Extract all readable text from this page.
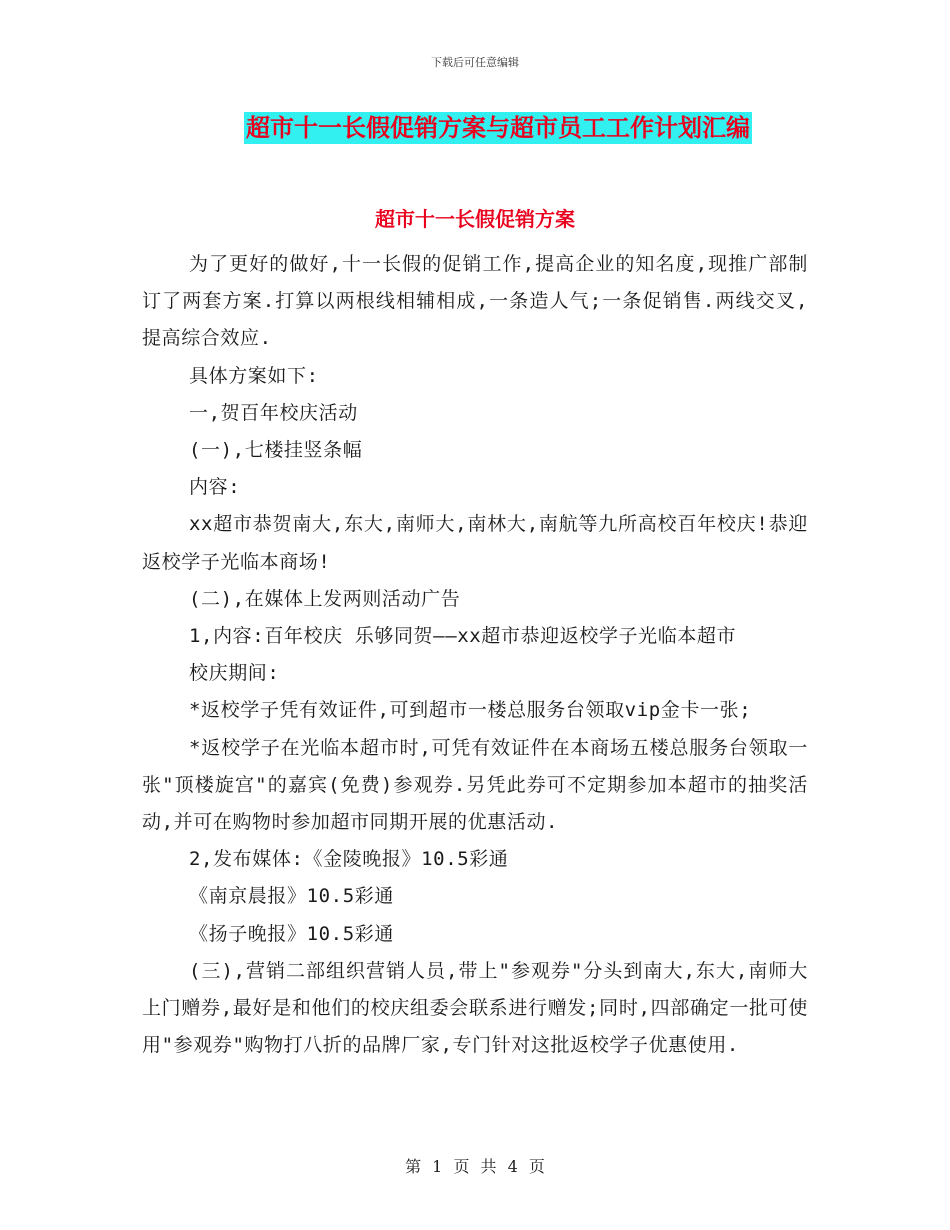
下载后可任意编辑
超市十一长假促销方案与超市员工工作计划汇编
超市十一长假促销方案

为了更好的做好,十一长假的促销工作,提高企业的知名度,现推广部制订了两套方案.打算以两根线相辅相成,一条造人气;一条促销售.两线交叉,提高综合效应.

具体方案如下:

一,贺百年校庆活动

(一),七楼挂竖条幅

内容:

xx超市恭贺南大,东大,南师大,南林大,南航等九所高校百年校庆!恭迎返校学子光临本商场!

(二),在媒体上发两则活动广告

1,内容:百年校庆 乐够同贺——xx超市恭迎返校学子光临本超市

校庆期间:

*返校学子凭有效证件,可到超市一楼总服务台领取vip金卡一张;

*返校学子在光临本超市时,可凭有效证件在本商场五楼总服务台领取一张"顶楼旋宫"的嘉宾(免费)参观券.另凭此券可不定期参加本超市的抽奖活动,并可在购物时参加超市同期开展的优惠活动.

2,发布媒体:《金陵晚报》10.5彩通

《南京晨报》10.5彩通

《扬子晚报》10.5彩通

(三),营销二部组织营销人员,带上"参观券"分头到南大,东大,南师大上门赠券,最好是和他们的校庆组委会联系进行赠发;同时,四部确定一批可使用"参观券"购物打八折的品牌厂家,专门针对这批返校学子优惠使用.

第 1 页 共 4 页
